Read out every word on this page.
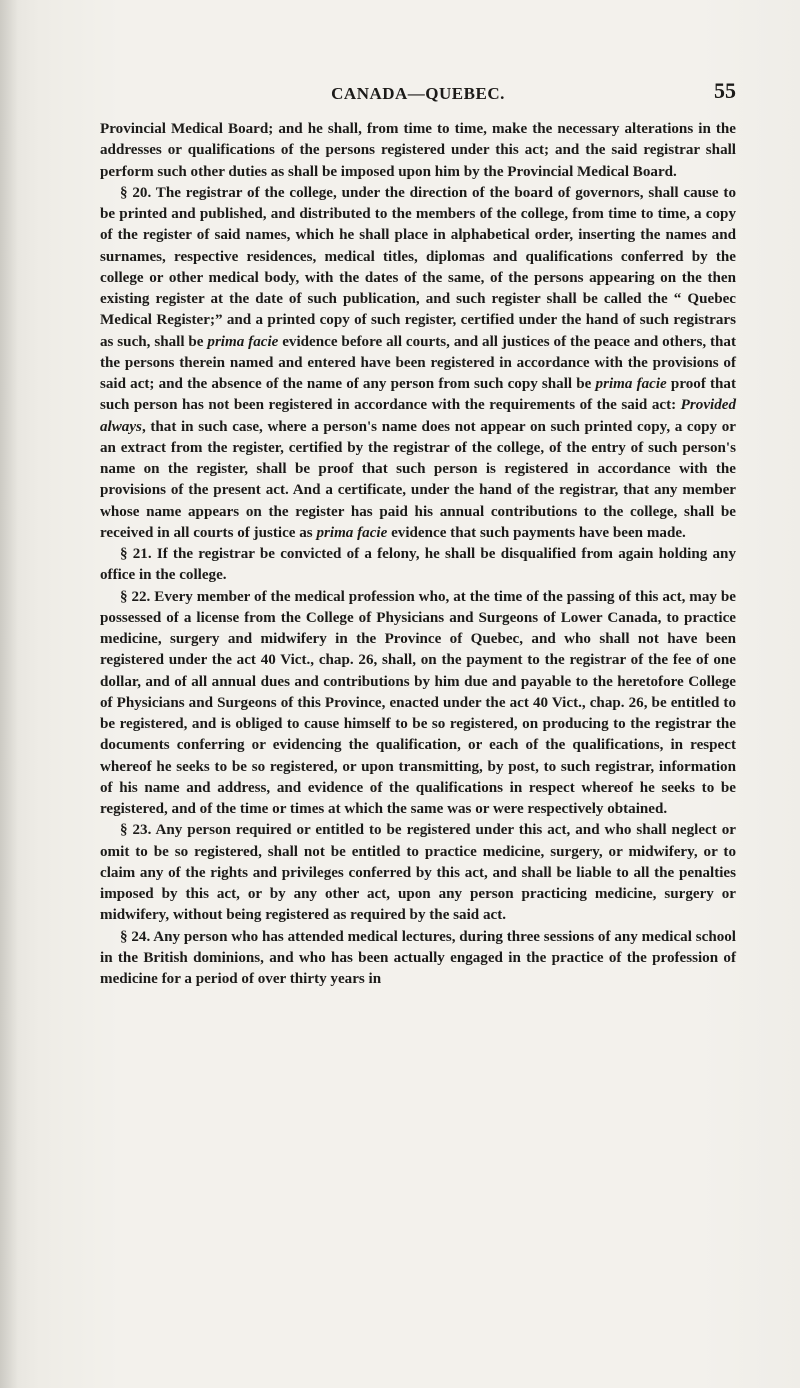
CANADA—QUEBEC.	55

Provincial Medical Board; and he shall, from time to time, make the necessary alterations in the addresses or qualifications of the persons registered under this act; and the said registrar shall perform such other duties as shall be imposed upon him by the Provincial Medical Board.

§ 20. The registrar of the college, under the direction of the board of governors, shall cause to be printed and published, and distributed to the members of the college, from time to time, a copy of the register of said names, which he shall place in alphabetical order, inserting the names and surnames, respective residences, medical titles, diplomas and qualifications conferred by the college or other medical body, with the dates of the same, of the persons appearing on the then existing register at the date of such publication, and such register shall be called the “ Quebec Medical Register;” and a printed copy of such register, certified under the hand of such registrars as such, shall be prima facie evidence before all courts, and all justices of the peace and others, that the persons therein named and entered have been registered in accordance with the provisions of said act; and the absence of the name of any person from such copy shall be prima facie proof that such person has not been registered in accordance with the requirements of the said act: Provided always, that in such case, where a person's name does not appear on such printed copy, a copy or an extract from the register, certified by the registrar of the college, of the entry of such person's name on the register, shall be proof that such person is registered in accordance with the provisions of the present act. And a certificate, under the hand of the registrar, that any member whose name appears on the register has paid his annual contributions to the college, shall be received in all courts of justice as prima facie evidence that such payments have been made.

§ 21. If the registrar be convicted of a felony, he shall be disqualified from again holding any office in the college.

§ 22. Every member of the medical profession who, at the time of the passing of this act, may be possessed of a license from the College of Physicians and Surgeons of Lower Canada, to practice medicine, surgery and midwifery in the Province of Quebec, and who shall not have been registered under the act 40 Vict., chap. 26, shall, on the payment to the registrar of the fee of one dollar, and of all annual dues and contributions by him due and payable to the heretofore College of Physicians and Surgeons of this Province, enacted under the act 40 Vict., chap. 26, be entitled to be registered, and is obliged to cause himself to be so registered, on producing to the registrar the documents conferring or evidencing the qualification, or each of the qualifications, in respect whereof he seeks to be so registered, or upon transmitting, by post, to such registrar, information of his name and address, and evidence of the qualifications in respect whereof he seeks to be registered, and of the time or times at which the same was or were respectively obtained.

§ 23. Any person required or entitled to be registered under this act, and who shall neglect or omit to be so registered, shall not be entitled to practice medicine, surgery, or midwifery, or to claim any of the rights and privileges conferred by this act, and shall be liable to all the penalties imposed by this act, or by any other act, upon any person practicing medicine, surgery or midwifery, without being registered as required by the said act.

§ 24. Any person who has attended medical lectures, during three sessions of any medical school in the British dominions, and who has been actually engaged in the practice of the profession of medicine for a period of over thirty years in
